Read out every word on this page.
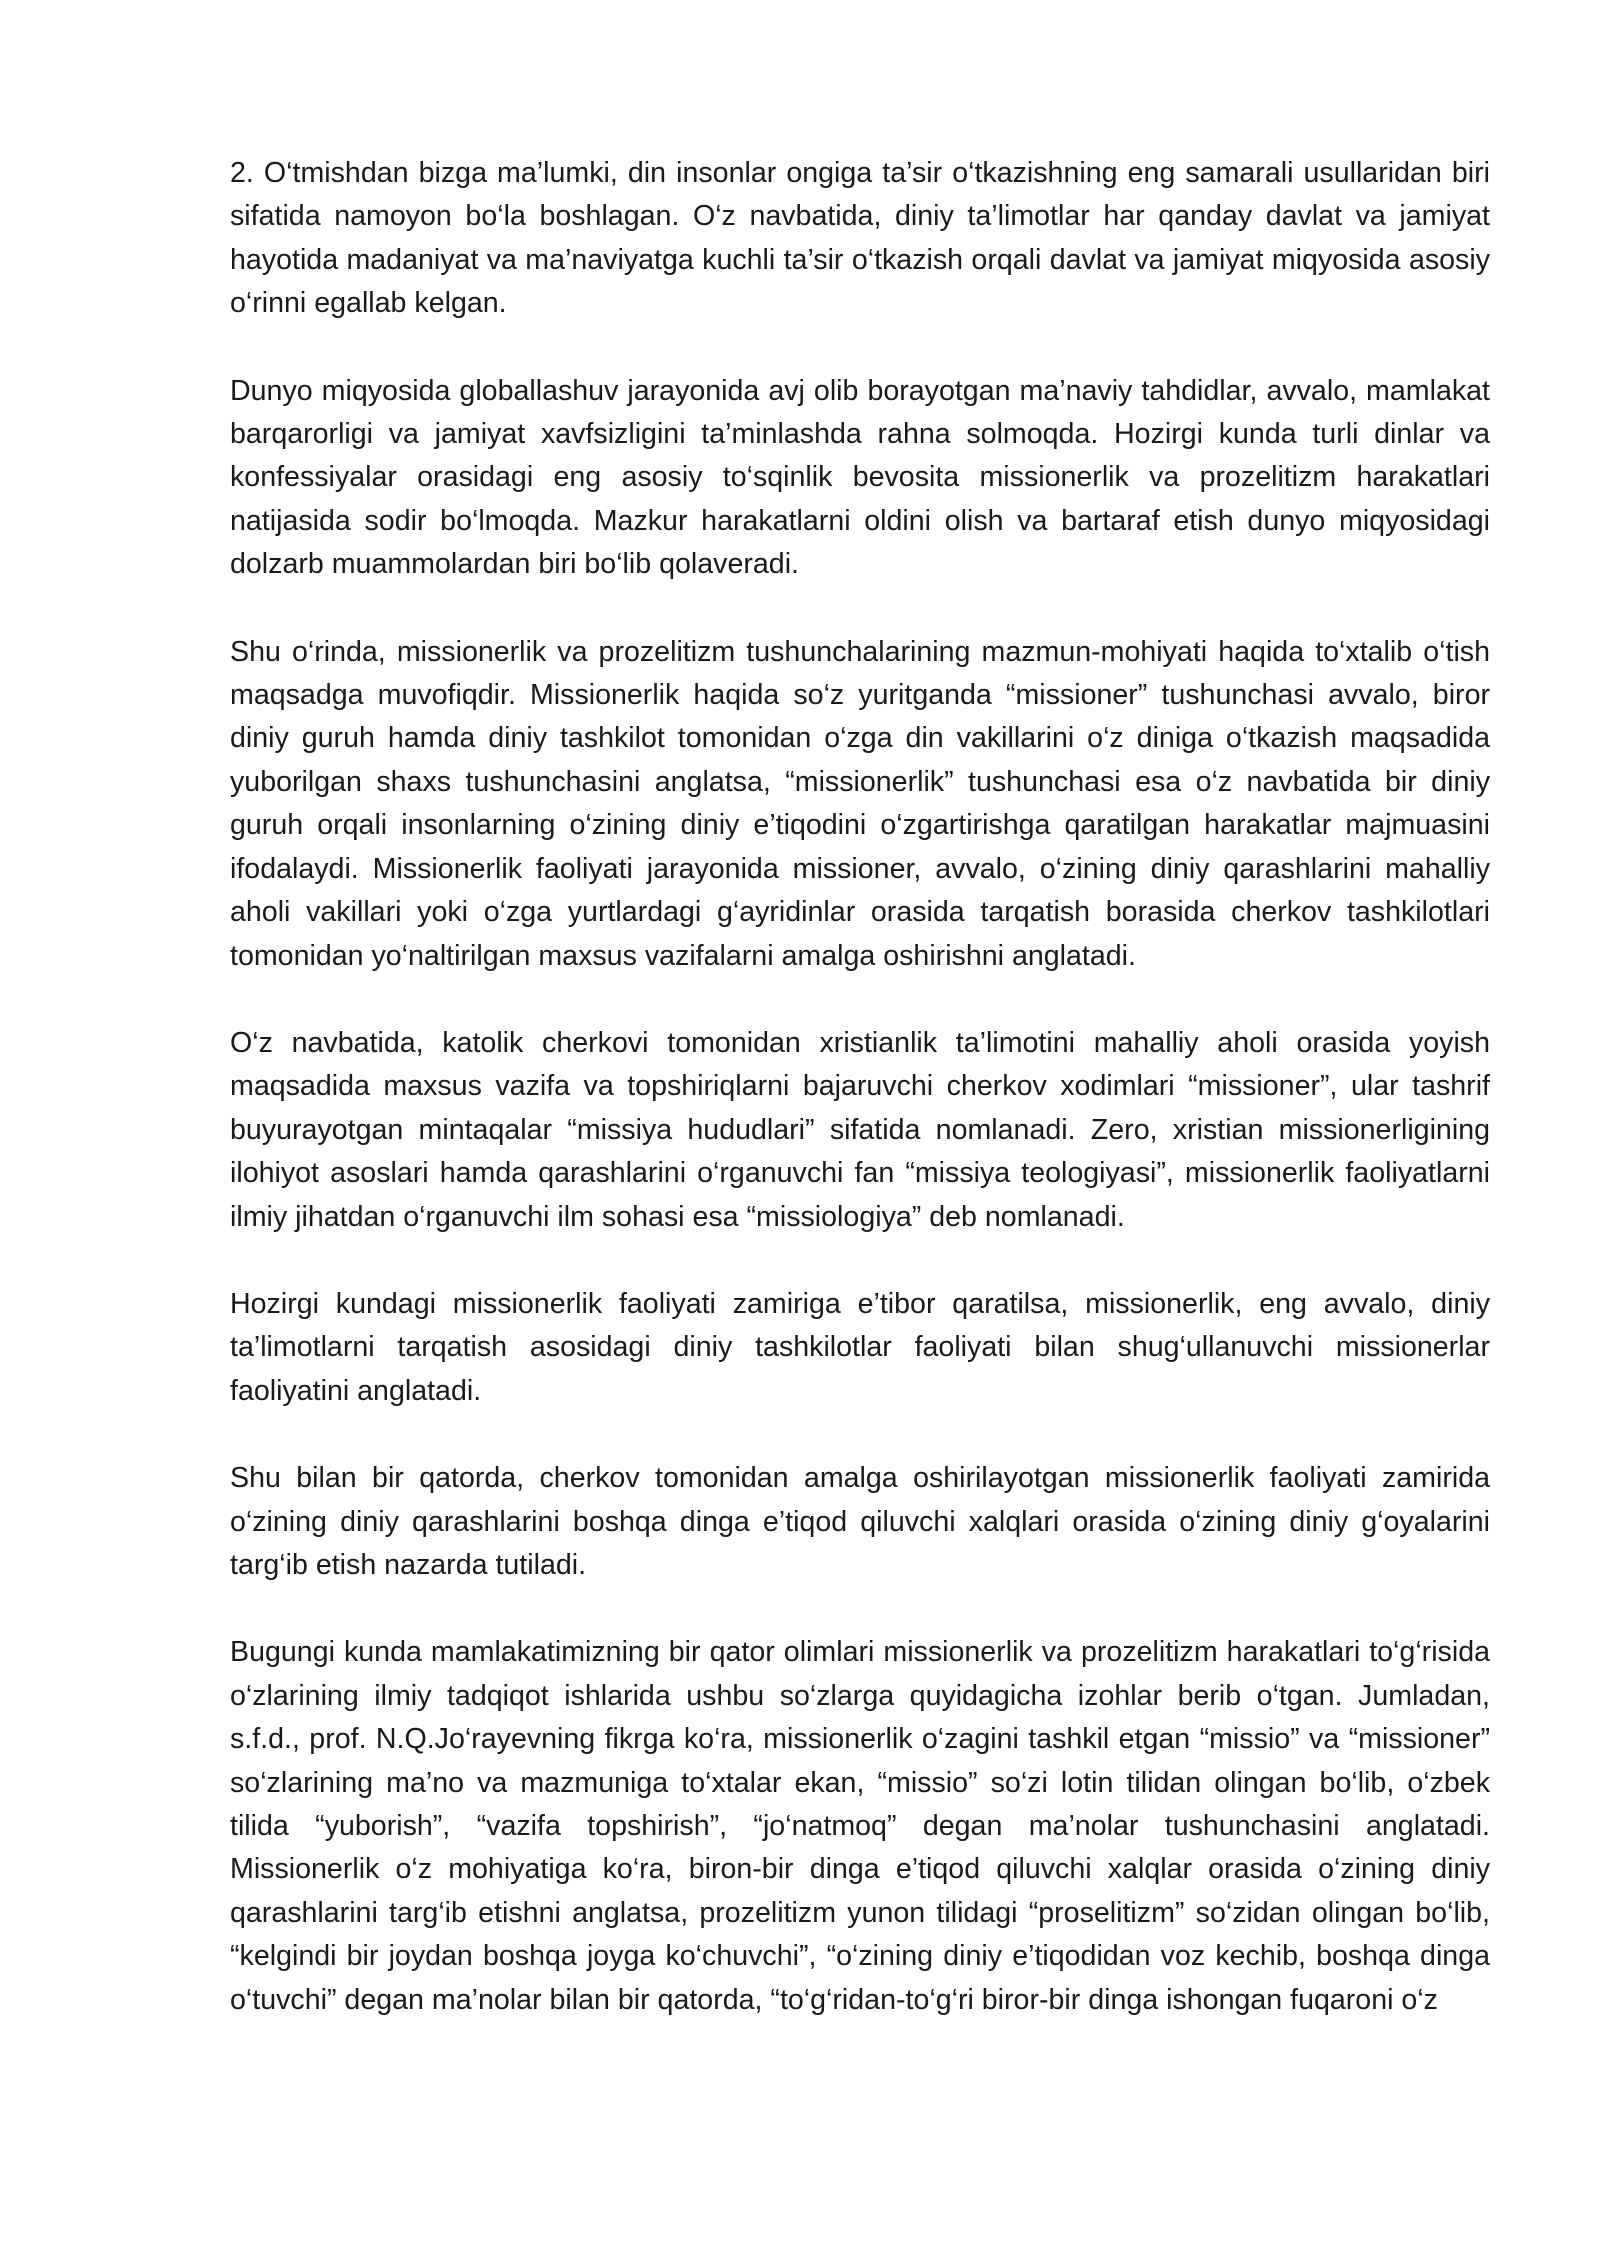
2. O‘tmishdan bizga ma’lumki, din insonlar ongiga ta’sir o‘tkazishning eng samarali usullaridan biri sifatida namoyon bo‘la boshlagan. O‘z navbatida, diniy ta’limotlar har qanday davlat va jamiyat hayotida madaniyat va ma’naviyatga kuchli ta’sir o‘tkazish orqali davlat va jamiyat miqyosida asosiy o‘rinni egallab kelgan.

Dunyo miqyosida globallashuv jarayonida avj olib borayotgan ma’naviy tahdidlar, avvalo, mamlakat barqarorligi va jamiyat xavfsizligini ta’minlashda rahna solmoqda. Hozirgi kunda turli dinlar va konfessiyalar orasidagi eng asosiy to‘sqinlik bevosita missionerlik va prozelitizm harakatlari natijasida sodir bo‘lmoqda. Mazkur harakatlarni oldini olish va bartaraf etish dunyo miqyosidagi dolzarb muammolardan biri bo‘lib qolaveradi.

Shu o‘rinda, missionerlik va prozelitizm tushunchalarining mazmun-mohiyati haqida to‘xtalib o‘tish maqsadga muvofiqdir. Missionerlik haqida so‘z yuritganda “missioner” tushunchasi avvalo, biror diniy guruh hamda diniy tashkilot tomonidan o‘zga din vakillarini o‘z diniga o‘tkazish maqsadida yuborilgan shaxs tushunchasini anglatsa, “missionerlik” tushunchasi esa o‘z navbatida bir diniy guruh orqali insonlarning o‘zining diniy e’tiqodini o‘zgartirishga qaratilgan harakatlar majmuasini ifodalaydi. Missionerlik faoliyati jarayonida missioner, avvalo, o‘zining diniy qarashlarini mahalliy aholi vakillari yoki o‘zga yurtlardagi g‘ayridinlar orasida tarqatish borasida cherkov tashkilotlari tomonidan yo‘naltirilgan maxsus vazifalarni amalga oshirishni anglatadi.

O‘z navbatida, katolik cherkovi tomonidan xristianlik ta’limotini mahalliy aholi orasida yoyish maqsadida maxsus vazifa va topshiriqlarni bajaruvchi cherkov xodimlari “missioner”, ular tashrif buyurayotgan mintaqalar “missiya hududlari” sifatida nomlanadi. Zero, xristian missionerligining ilohiyot asoslari hamda qarashlarini o‘rganuvchi fan “missiya teologiyasi”, missionerlik faoliyatlarni ilmiy jihatdan o‘rganuvchi ilm sohasi esa “missiologiya” deb nomlanadi.

Hozirgi kundagi missionerlik faoliyati zamiriga e’tibor qaratilsa, missionerlik, eng avvalo, diniy ta’limotlarni tarqatish asosidagi diniy tashkilotlar faoliyati bilan shug‘ullanuvchi missionerlar faoliyatini anglatadi.

Shu bilan bir qatorda, cherkov tomonidan amalga oshirilayotgan missionerlik faoliyati zamirida o‘zining diniy qarashlarini boshqa dinga e’tiqod qiluvchi xalqlari orasida o‘zining diniy g‘oyalarini targ‘ib etish nazarda tutiladi.

Bugungi kunda mamlakatimizning bir qator olimlari missionerlik va prozelitizm harakatlari to‘g‘risida o‘zlarining ilmiy tadqiqot ishlarida ushbu so‘zlarga quyidagicha izohlar berib o‘tgan. Jumladan, s.f.d., prof. N.Q.Jo‘rayevning fikrga ko‘ra, missionerlik o‘zagini tashkil etgan “missio” va “missioner” so‘zlarining ma’no va mazmuniga to‘xtalar ekan, “missio” so‘zi lotin tilidan olingan bo‘lib, o‘zbek tilida “yuborish”, “vazifa topshirish”, “jo‘natmoq” degan ma’nolar tushunchasini anglatadi. Missionerlik o‘z mohiyatiga ko‘ra, biron-bir dinga e’tiqod qiluvchi xalqlar orasida o‘zining diniy qarashlarini targ‘ib etishni anglatsa, prozelitizm yunon tilidagi “proselitizm” so‘zidan olingan bo‘lib, “kelgindi bir joydan boshqa joyga ko‘chuvchi”, “o‘zining diniy e’tiqodidan voz kechib, boshqa dinga o‘tuvchi” degan ma’nolar bilan bir qatorda, “to‘g‘ridan-to‘g‘ri biror-bir dinga ishongan fuqaroni o‘z
